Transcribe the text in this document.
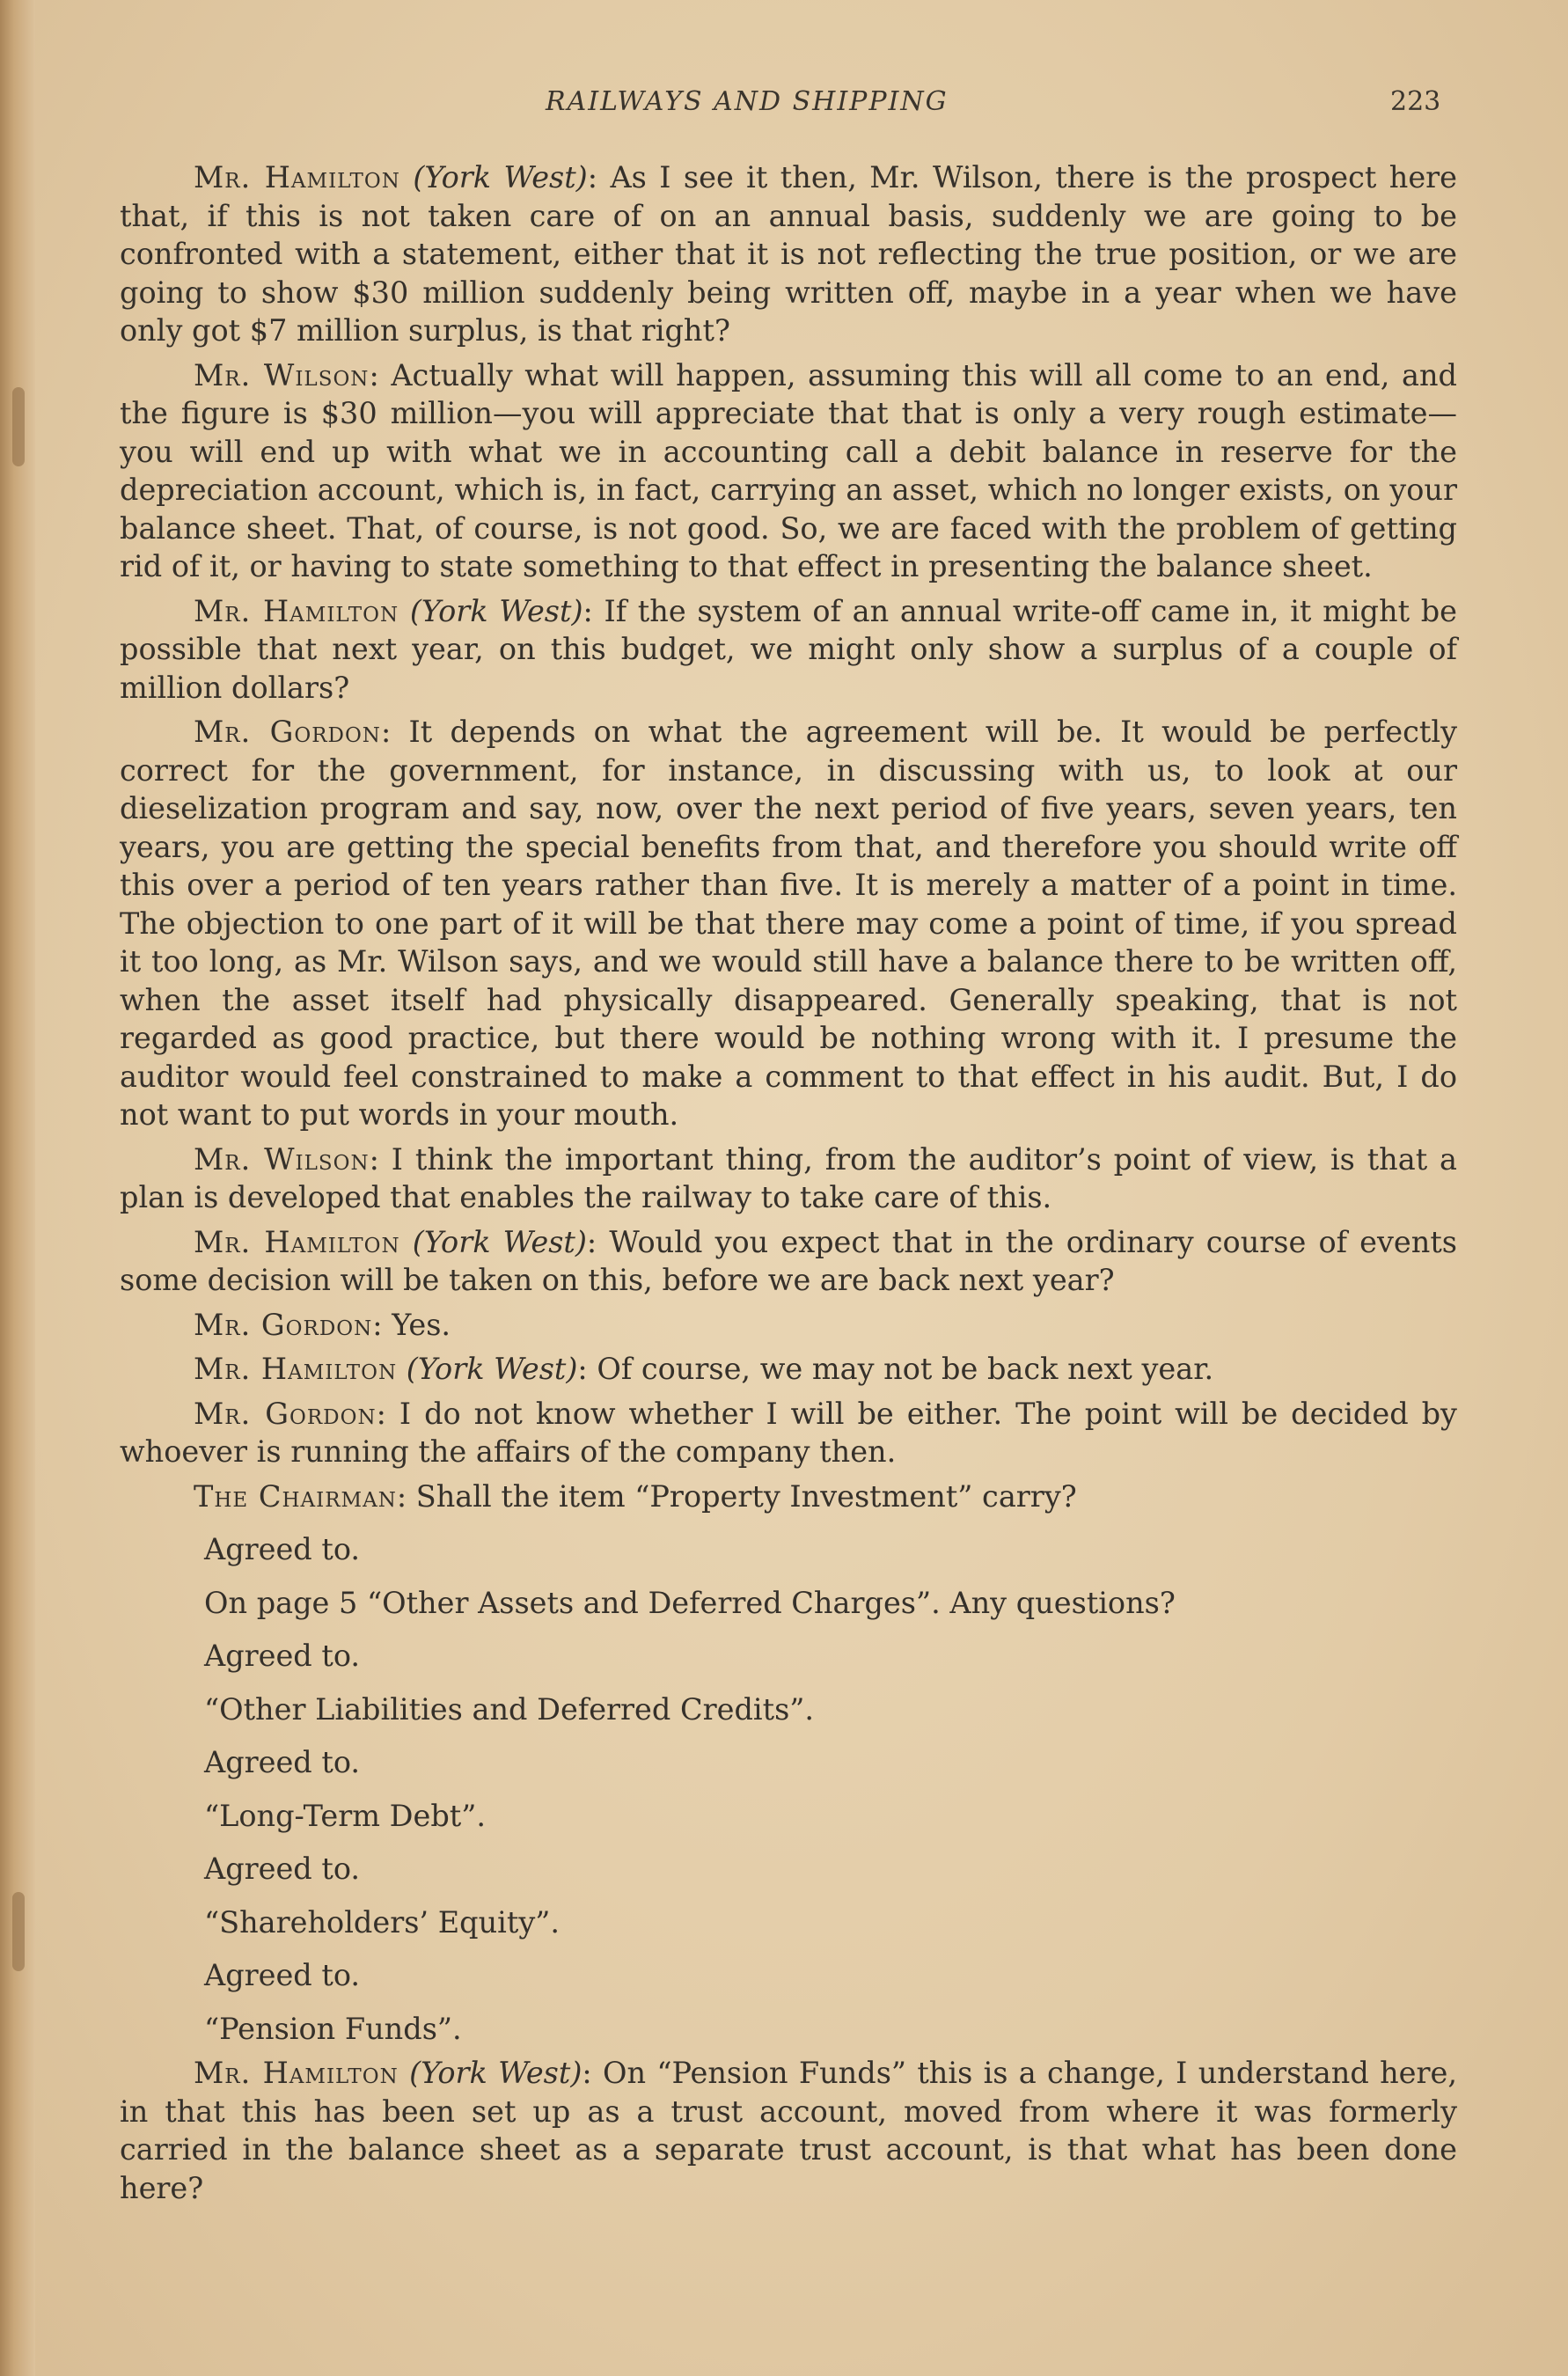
RAILWAYS AND SHIPPING	223

Mr. Hamilton (York West): As I see it then, Mr. Wilson, there is the prospect here that, if this is not taken care of on an annual basis, suddenly we are going to be confronted with a statement, either that it is not reflecting the true position, or we are going to show $30 million suddenly being written off, maybe in a year when we have only got $7 million surplus, is that right?

Mr. Wilson: Actually what will happen, assuming this will all come to an end, and the figure is $30 million—you will appreciate that that is only a very rough estimate—you will end up with what we in accounting call a debit balance in reserve for the depreciation account, which is, in fact, carrying an asset, which no longer exists, on your balance sheet. That, of course, is not good. So, we are faced with the problem of getting rid of it, or having to state something to that effect in presenting the balance sheet.

Mr. Hamilton (York West): If the system of an annual write-off came in, it might be possible that next year, on this budget, we might only show a surplus of a couple of million dollars?

Mr. Gordon: It depends on what the agreement will be. It would be perfectly correct for the government, for instance, in discussing with us, to look at our dieselization program and say, now, over the next period of five years, seven years, ten years, you are getting the special benefits from that, and therefore you should write off this over a period of ten years rather than five. It is merely a matter of a point in time. The objection to one part of it will be that there may come a point of time, if you spread it too long, as Mr. Wilson says, and we would still have a balance there to be written off, when the asset itself had physically disappeared. Generally speaking, that is not regarded as good practice, but there would be nothing wrong with it. I presume the auditor would feel constrained to make a comment to that effect in his audit. But, I do not want to put words in your mouth.

Mr. Wilson: I think the important thing, from the auditor’s point of view, is that a plan is developed that enables the railway to take care of this.

Mr. Hamilton (York West): Would you expect that in the ordinary course of events some decision will be taken on this, before we are back next year?

Mr. Gordon: Yes.

Mr. Hamilton (York West): Of course, we may not be back next year.

Mr. Gordon: I do not know whether I will be either. The point will be decided by whoever is running the affairs of the company then.

The Chairman: Shall the item “Property Investment” carry?

Agreed to.

On page 5 “Other Assets and Deferred Charges”. Any questions?

Agreed to.

“Other Liabilities and Deferred Credits”.

Agreed to.

“Long-Term Debt”.

Agreed to.

“Shareholders’ Equity”.

Agreed to.

“Pension Funds”.

Mr. Hamilton (York West): On “Pension Funds” this is a change, I understand here, in that this has been set up as a trust account, moved from where it was formerly carried in the balance sheet as a separate trust account, is that what has been done here?
